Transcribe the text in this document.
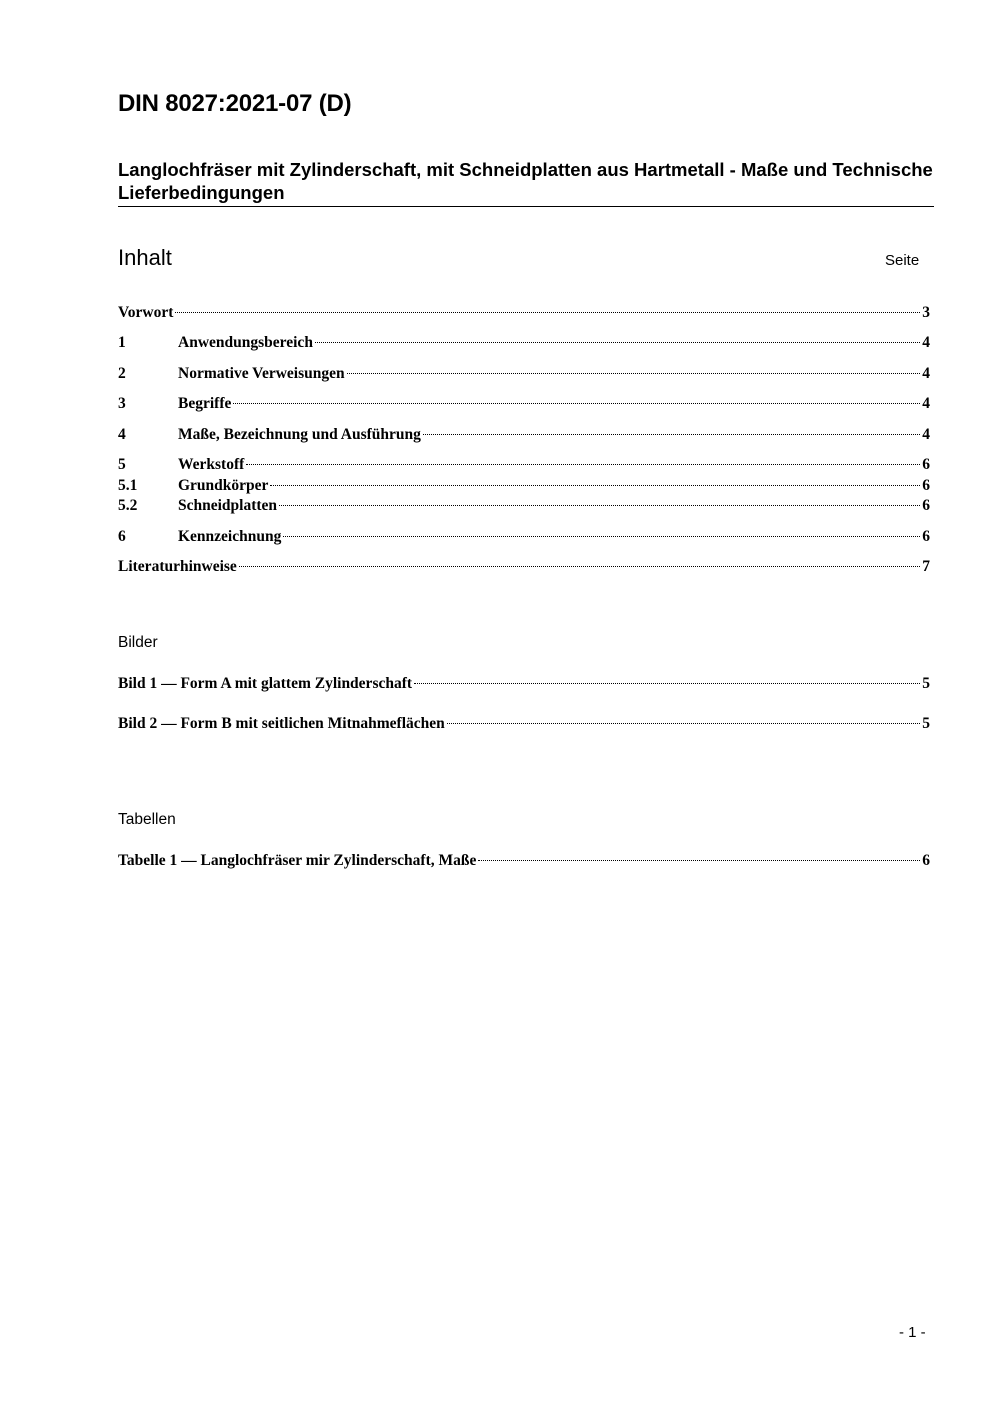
DIN 8027:2021-07 (D)
Langlochfräser mit Zylinderschaft, mit Schneidplatten aus Hartmetall - Maße und Technische Lieferbedingungen
Inhalt	Seite
Vorwort	3
1	Anwendungsbereich	4
2	Normative Verweisungen	4
3	Begriffe	4
4	Maße, Bezeichnung und Ausführung	4
5	Werkstoff	6
5.1	Grundkörper	6
5.2	Schneidplatten	6
6	Kennzeichnung	6
Literaturhinweise	7
Bilder
Bild 1 — Form A mit glattem Zylinderschaft	5
Bild 2 — Form B mit seitlichen Mitnahmeflächen	5
Tabellen
Tabelle 1 — Langlochfräser mir Zylinderschaft, Maße	6
- 1 -
